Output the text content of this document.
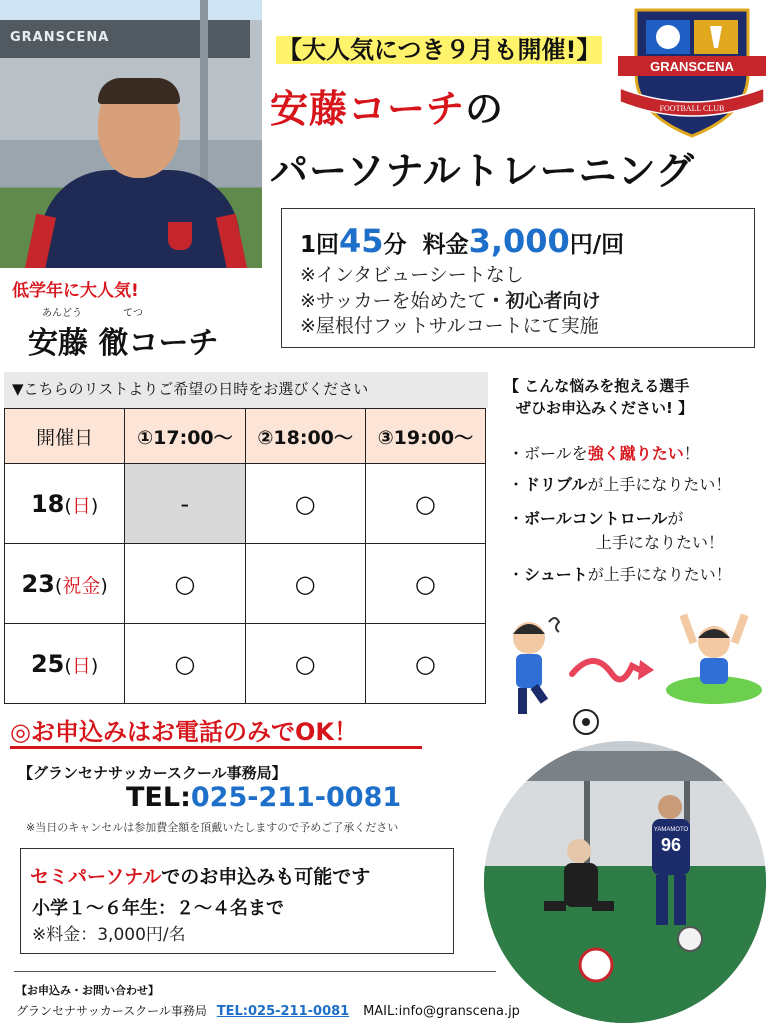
GRANSCENA	【大人気につき９月も開催!】
安藤コーチの
パーソナルトレーニング
GRANSCENA
FOOTBALL CLUB
1回45分 料金3,000円/回
※インタビューシートなし
※サッカーを始めたて・初心者向け
※屋根付フットサルコートにて実施
低学年に大人気!
あんどう	てつ
安藤 徹コーチ
▼こちらのリストよりご希望の日時をお選びください
開催日	①17:00～	②18:00～	③19:00～
18(日)	-	○	○
23(祝金)	○	○	○
25(日)	○	○	○
【 こんな悩みを抱える選手
ぜひお申込みください! 】
・ボールを強く蹴りたい！
・ドリブルが上手になりたい！
・ボールコントロールが
上手になりたい！
・シュートが上手になりたい！
◎お申込みはお電話のみでOK！
【グランセナサッカースクール事務局】
TEL:025-211-0081
※当日のキャンセルは参加費全額を頂戴いたしますので予めご了承ください
セミパーソナルでのお申込みも可能です
小学１～６年生：２～４名まで
※料金：3,000円/名
96
YAMAMOTO
【お申込み・お問い合わせ】
グランセナサッカースクール事務局 TEL:025-211-0081 MAIL:info@granscena.jp
